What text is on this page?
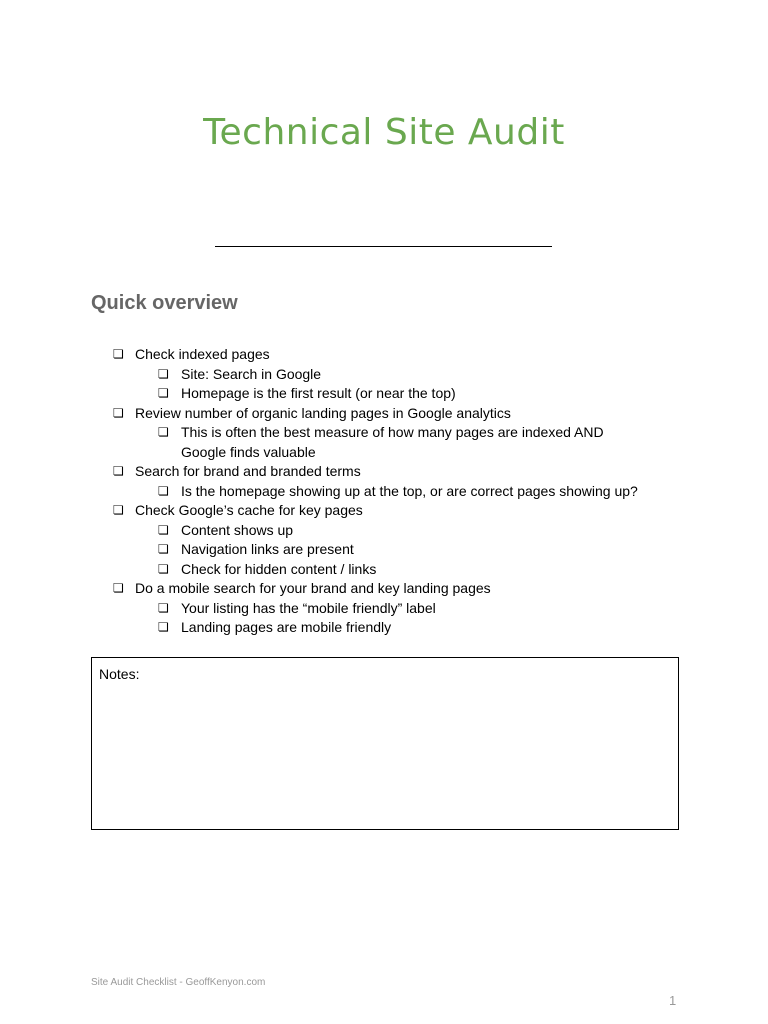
Technical Site Audit
Quick overview
❏ Check indexed pages
❏ Site: Search in Google
❏ Homepage is the first result (or near the top)
❏ Review number of organic landing pages in Google analytics
❏ This is often the best measure of how many pages are indexed AND Google finds valuable
❏ Search for brand and branded terms
❏ Is the homepage showing up at the top, or are correct pages showing up?
❏ Check Google’s cache for key pages
❏ Content shows up
❏ Navigation links are present
❏ Check for hidden content / links
❏ Do a mobile search for your brand and key landing pages
❏ Your listing has the “mobile friendly” label
❏ Landing pages are mobile friendly
Notes:
Site Audit Checklist - GeoffKenyon.com
1
